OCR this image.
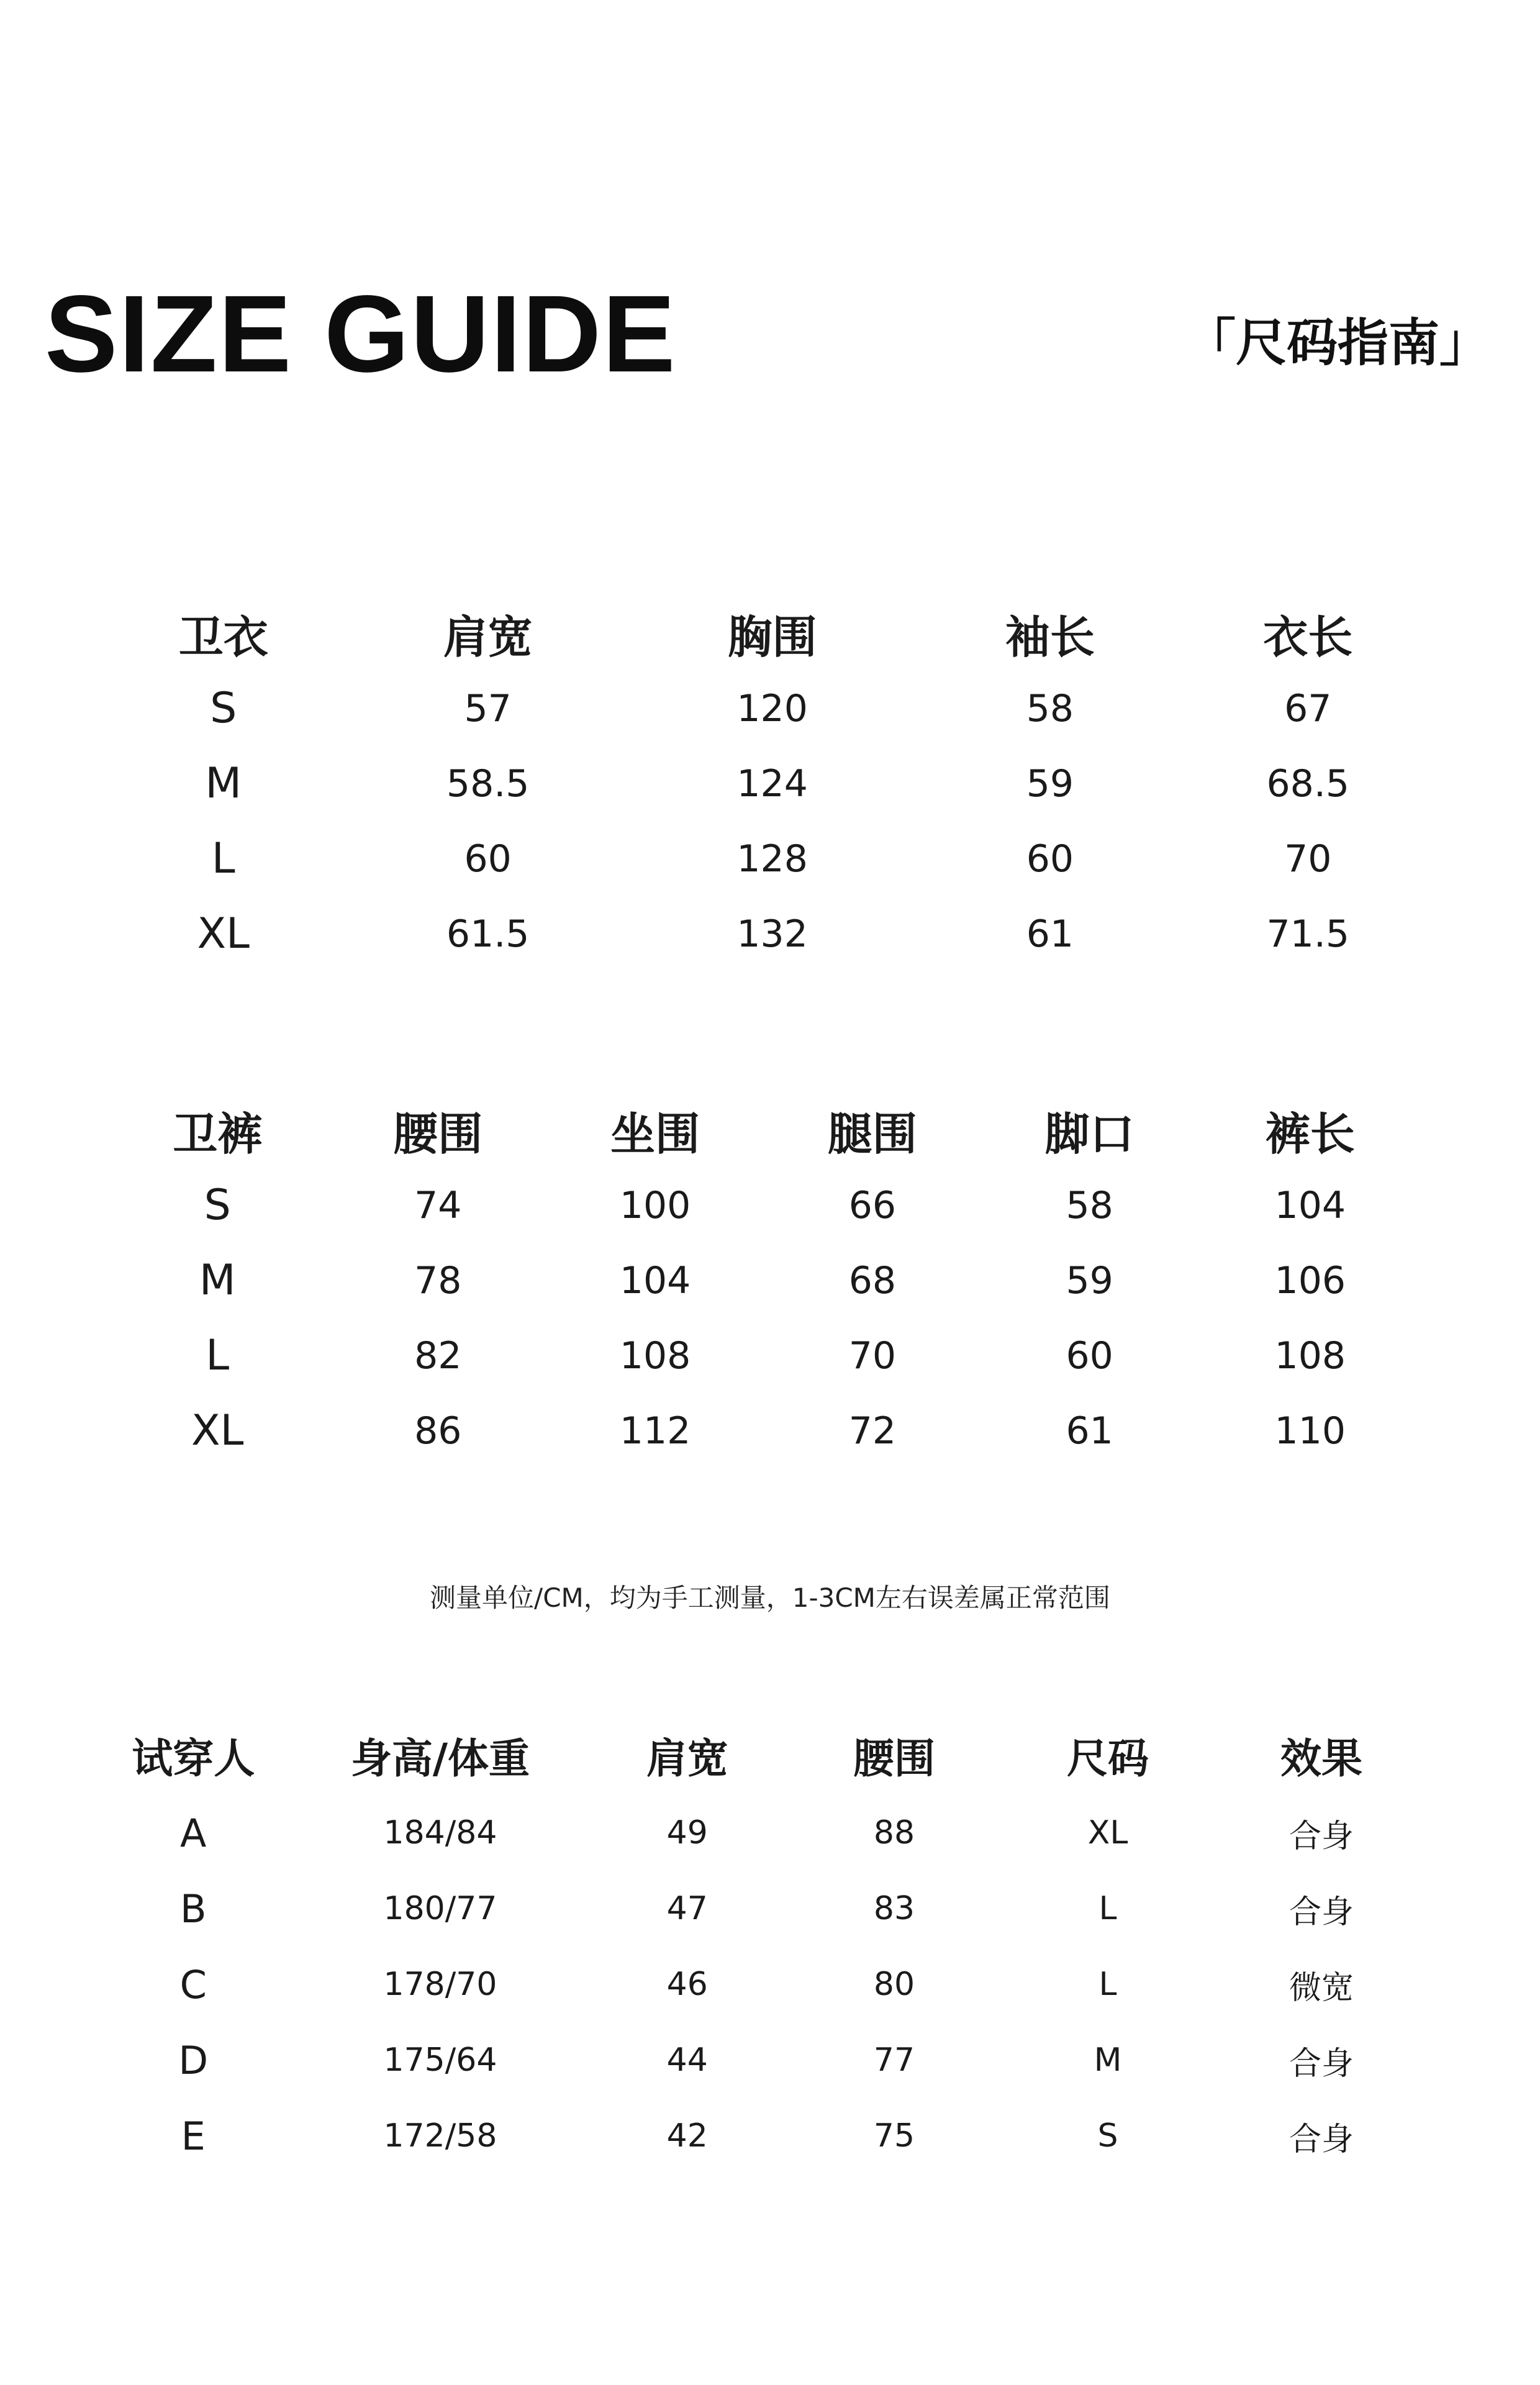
SIZE GUIDE	「尺码指南」
卫衣	肩宽	胸围	袖长	衣长
S	57	120	58	67
M	58.5	124	59	68.5
L	60	128	60	70
XL	61.5	132	61	71.5
卫裤	腰围	坐围	腿围	脚口	裤长
S	74	100	66	58	104
M	78	104	68	59	106
L	82	108	70	60	108
XL	86	112	72	61	110
测量单位/CM，均为手工测量，1-3CM左右误差属正常范围
试穿人	身高/体重	肩宽	腰围	尺码	效果
A	184/84	49	88	XL	合身
B	180/77	47	83	L	合身
C	178/70	46	80	L	微宽
D	175/64	44	77	M	合身
E	172/58	42	75	S	合身
